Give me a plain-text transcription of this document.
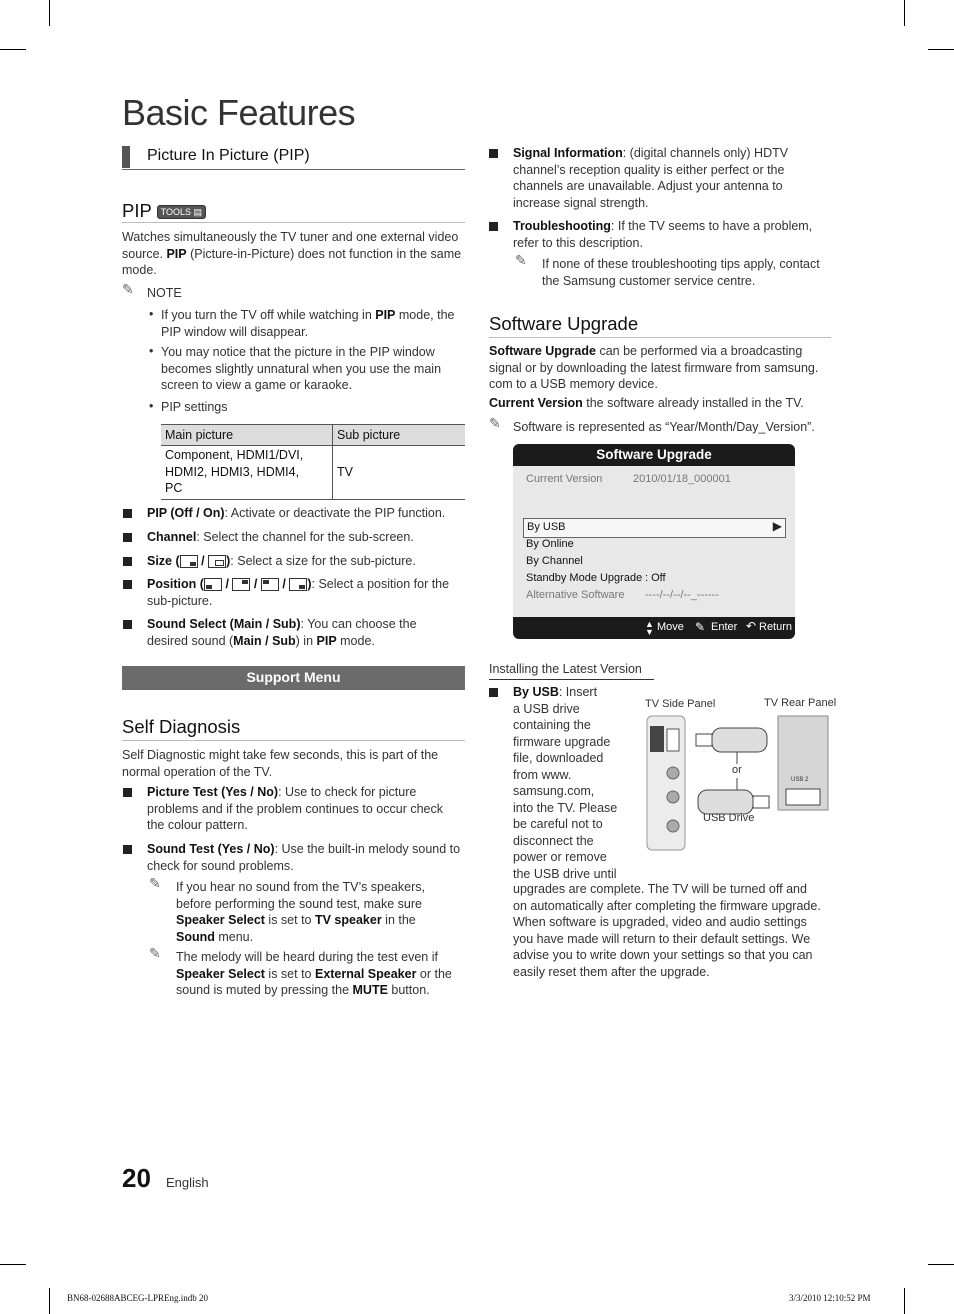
Basic Features
Picture In Picture (PIP)
PIP TOOLS ▤
Watches simultaneously the TV tuner and one external video
source. PIP (Picture-in-Picture) does not function in the same
mode.
✎ NOTE
• If you turn the TV off while watching in PIP mode, the
PIP window will disappear.
• You may notice that the picture in the PIP window
becomes slightly unnatural when you use the main
screen to view a game or karaoke.
• PIP settings
Main picture	Sub picture

Component, HDMI1/DVI,
HDMI2, HDMI3, HDMI4,
PC	TV
PIP (Off / On): Activate or deactivate the PIP function.
Channel: Select the channel for the sub-screen.
Size ( / ): Select a size for the sub-picture.
Position ( / / / ): Select a position for the
sub-picture.
Sound Select (Main / Sub): You can choose the
desired sound (Main / Sub) in PIP mode.
Support Menu
Self Diagnosis
Self Diagnostic might take few seconds, this is part of the
normal operation of the TV.
Picture Test (Yes / No): Use to check for picture
problems and if the problem continues to occur check
the colour pattern.
Sound Test (Yes / No): Use the built-in melody sound to
check for sound problems.
✎ If you hear no sound from the TV’s speakers,
before performing the sound test, make sure
Speaker Select is set to TV speaker in the
Sound menu.
✎ The melody will be heard during the test even if
Speaker Select is set to External Speaker or the
sound is muted by pressing the MUTE button.
Signal Information: (digital channels only) HDTV
channel’s reception quality is either perfect or the
channels are unavailable. Adjust your antenna to
increase signal strength.
Troubleshooting: If the TV seems to have a problem,
refer to this description.
✎ If none of these troubleshooting tips apply, contact
the Samsung customer service centre.
Software Upgrade
Software Upgrade can be performed via a broadcasting
signal or by downloading the latest firmware from samsung.
com to a USB memory device.
Current Version the software already installed in the TV.
✎ Software is represented as “Year/Month/Day_Version”.
Software Upgrade
Current Version	2010/01/18_000001
By USB	▶
By Online
By Channel
Standby Mode Upgrade : Off
Alternative Software ----/--/--/--_------
▲
▼ Move ✎ Enter ↶ Return
Installing the Latest Version
By USB: Insert
a USB drive
containing the
firmware upgrade
file, downloaded
from www.
samsung.com,
into the TV. Please
be careful not to
disconnect the
power or remove
the USB drive until
upgrades are complete. The TV will be turned off and
on automatically after completing the firmware upgrade.
When software is upgraded, video and audio settings
you have made will return to their default settings. We
advise you to write down your settings so that you can
easily reset them after the upgrade.
TV Side Panel	TV Rear Panel
USB 2
or
USB Drive
20 English
BN68-02688ABCEG-LPREng.indb 20	3/3/2010 12:10:52 PM
